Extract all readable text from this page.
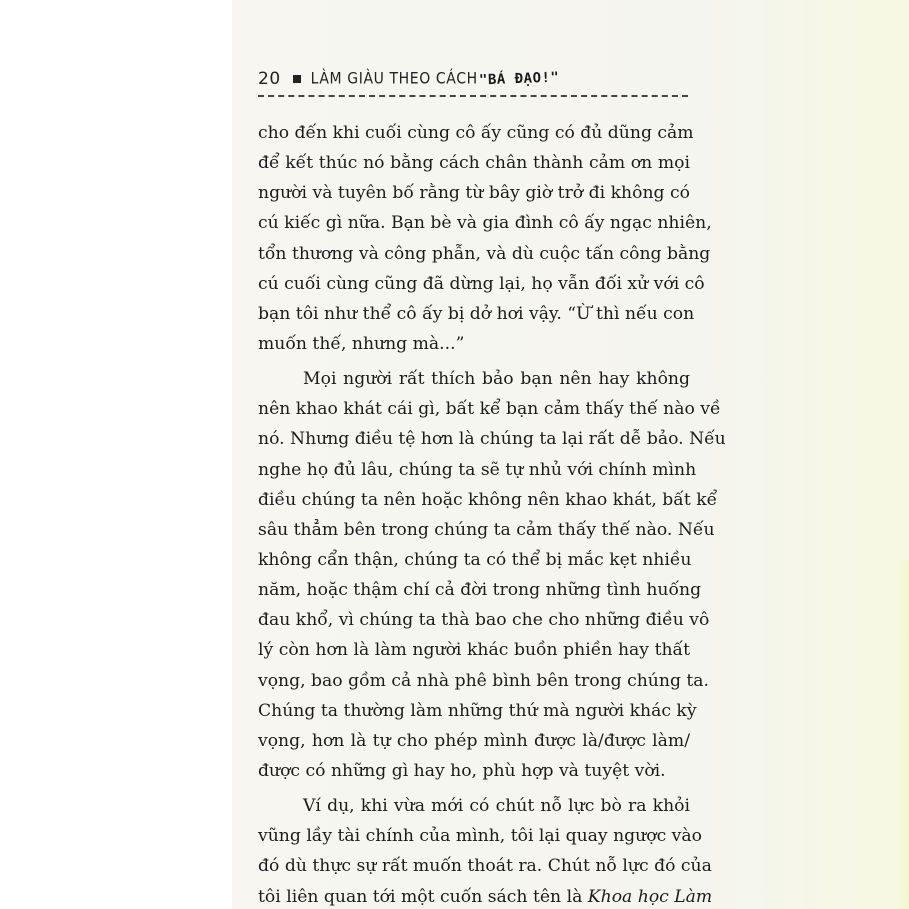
20 LÀM GIÀU THEO CÁCH "BÁ ĐẠO!"
cho đến khi cuối cùng cô ấy cũng có đủ dũng cảm
để kết thúc nó bằng cách chân thành cảm ơn mọi
người và tuyên bố rằng từ bây giờ trở đi không có
cú kiếc gì nữa. Bạn bè và gia đình cô ấy ngạc nhiên,
tổn thương và công phẫn, và dù cuộc tấn công bằng
cú cuối cùng cũng đã dừng lại, họ vẫn đối xử với cô
bạn tôi như thể cô ấy bị dở hơi vậy. “Ừ thì nếu con
muốn thế, nhưng mà...”
Mọi người rất thích bảo bạn nên hay không
nên khao khát cái gì, bất kể bạn cảm thấy thế nào về
nó. Nhưng điều tệ hơn là chúng ta lại rất dễ bảo. Nếu
nghe họ đủ lâu, chúng ta sẽ tự nhủ với chính mình
điều chúng ta nên hoặc không nên khao khát, bất kể
sâu thẳm bên trong chúng ta cảm thấy thế nào. Nếu
không cẩn thận, chúng ta có thể bị mắc kẹt nhiều
năm, hoặc thậm chí cả đời trong những tình huống
đau khổ, vì chúng ta thà bao che cho những điều vô
lý còn hơn là làm người khác buồn phiền hay thất
vọng, bao gồm cả nhà phê bình bên trong chúng ta.
Chúng ta thường làm những thứ mà người khác kỳ
vọng, hơn là tự cho phép mình được là/được làm/
được có những gì hay ho, phù hợp và tuyệt vời.
Ví dụ, khi vừa mới có chút nỗ lực bò ra khỏi
vũng lầy tài chính của mình, tôi lại quay ngược vào
đó dù thực sự rất muốn thoát ra. Chút nỗ lực đó của
tôi liên quan tới một cuốn sách tên là Khoa học Làm
